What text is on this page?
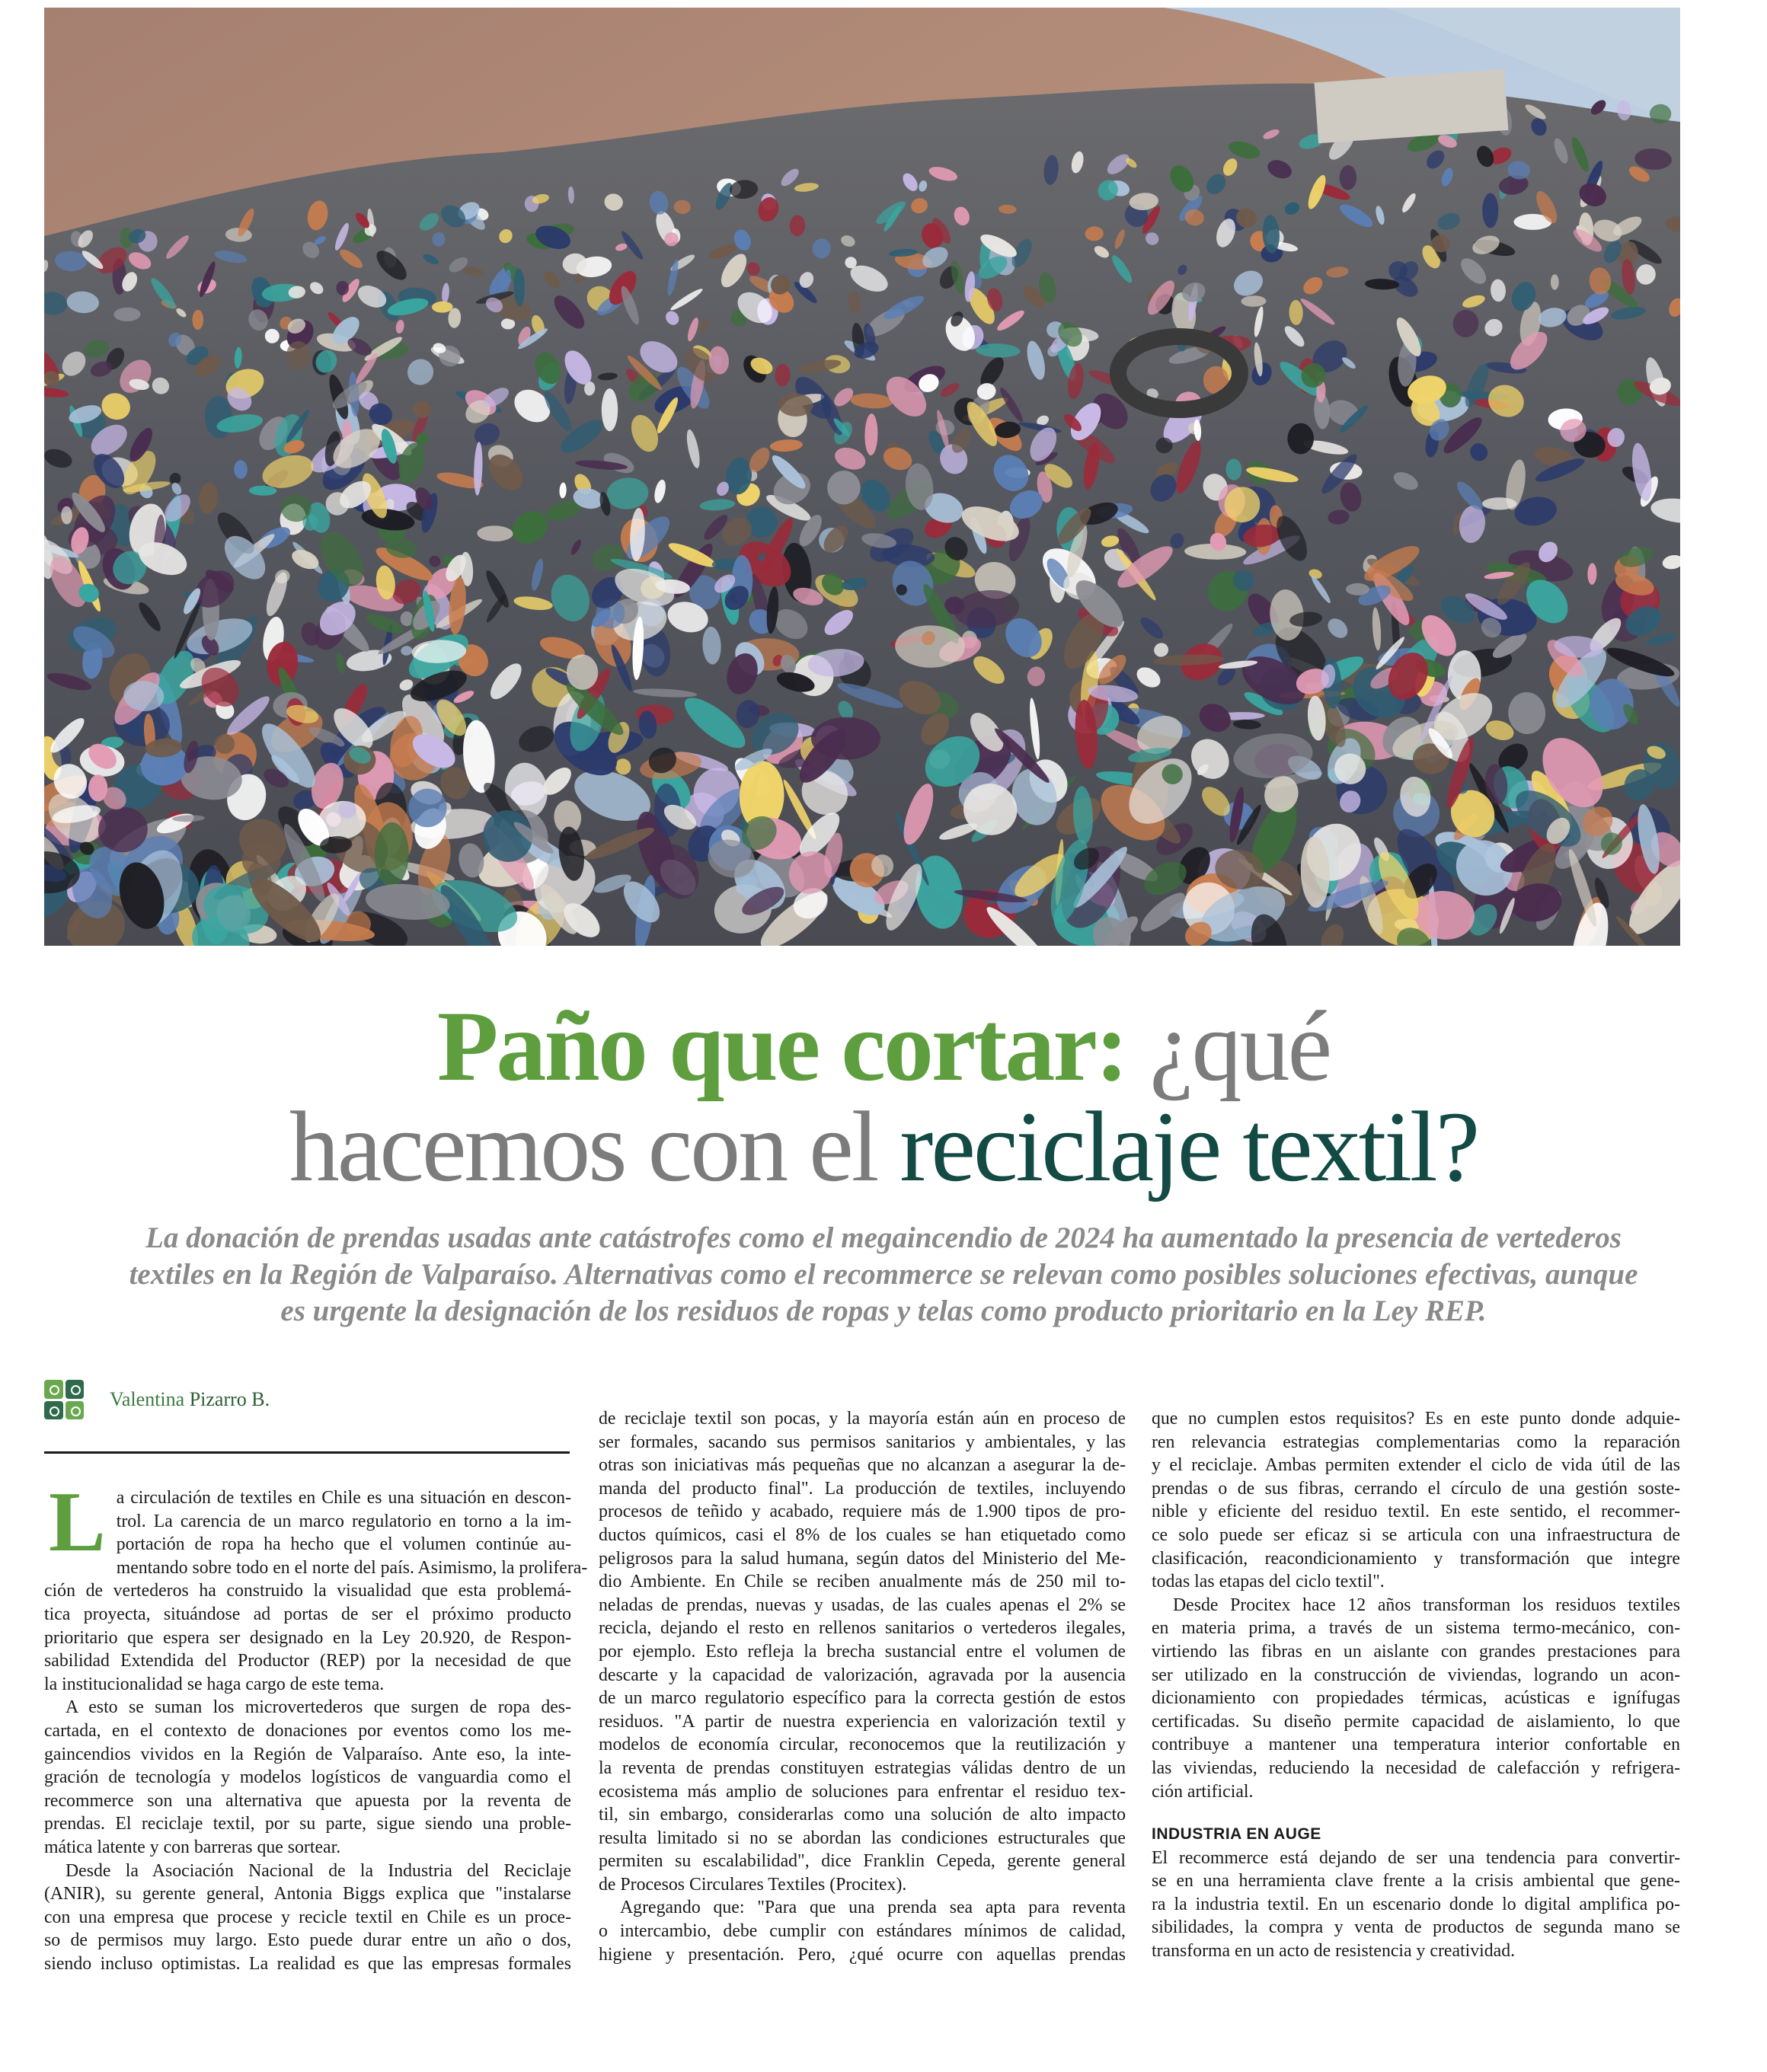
Paño que cortar: ¿qué
hacemos con el reciclaje textil?
La donación de prendas usadas ante catástrofes como el megaincendio de 2024 ha aumentado la presencia de vertederos
textiles en la Región de Valparaíso. Alternativas como el recommerce se relevan como posibles soluciones efectivas, aunque
es urgente la designación de los residuos de ropas y telas como producto prioritario en la Ley REP.
Valentina Pizarro B.
L a circulación de textiles en Chile es una situación en descon-
trol. La carencia de un marco regulatorio en torno a la im-
portación de ropa ha hecho que el volumen continúe au-
mentando sobre todo en el norte del país. Asimismo, la prolifera-
ción de vertederos ha construido la visualidad que esta problemá-
tica proyecta, situándose ad portas de ser el próximo producto
prioritario que espera ser designado en la Ley 20.920, de Respon-
sabilidad Extendida del Productor (REP) por la necesidad de que
la institucionalidad se haga cargo de este tema.
A esto se suman los microvertederos que surgen de ropa des-
cartada, en el contexto de donaciones por eventos como los me-
gaincendios vividos en la Región de Valparaíso. Ante eso, la inte-
gración de tecnología y modelos logísticos de vanguardia como el
recommerce son una alternativa que apuesta por la reventa de
prendas. El reciclaje textil, por su parte, sigue siendo una proble-
mática latente y con barreras que sortear.
Desde la Asociación Nacional de la Industria del Reciclaje
(ANIR), su gerente general, Antonia Biggs explica que "instalarse
con una empresa que procese y recicle textil en Chile es un proce-
so de permisos muy largo. Esto puede durar entre un año o dos,
siendo incluso optimistas. La realidad es que las empresas formales
de reciclaje textil son pocas, y la mayoría están aún en proceso de
ser formales, sacando sus permisos sanitarios y ambientales, y las
otras son iniciativas más pequeñas que no alcanzan a asegurar la de-
manda del producto final". La producción de textiles, incluyendo
procesos de teñido y acabado, requiere más de 1.900 tipos de pro-
ductos químicos, casi el 8% de los cuales se han etiquetado como
peligrosos para la salud humana, según datos del Ministerio del Me-
dio Ambiente. En Chile se reciben anualmente más de 250 mil to-
neladas de prendas, nuevas y usadas, de las cuales apenas el 2% se
recicla, dejando el resto en rellenos sanitarios o vertederos ilegales,
por ejemplo. Esto refleja la brecha sustancial entre el volumen de
descarte y la capacidad de valorización, agravada por la ausencia
de un marco regulatorio específico para la correcta gestión de estos
residuos. "A partir de nuestra experiencia en valorización textil y
modelos de economía circular, reconocemos que la reutilización y
la reventa de prendas constituyen estrategias válidas dentro de un
ecosistema más amplio de soluciones para enfrentar el residuo tex-
til, sin embargo, considerarlas como una solución de alto impacto
resulta limitado si no se abordan las condiciones estructurales que
permiten su escalabilidad", dice Franklin Cepeda, gerente general
de Procesos Circulares Textiles (Procitex).
Agregando que: "Para que una prenda sea apta para reventa
o intercambio, debe cumplir con estándares mínimos de calidad,
higiene y presentación. Pero, ¿qué ocurre con aquellas prendas
que no cumplen estos requisitos? Es en este punto donde adquie-
ren relevancia estrategias complementarias como la reparación
y el reciclaje. Ambas permiten extender el ciclo de vida útil de las
prendas o de sus fibras, cerrando el círculo de una gestión soste-
nible y eficiente del residuo textil. En este sentido, el recommer-
ce solo puede ser eficaz si se articula con una infraestructura de
clasificación, reacondicionamiento y transformación que integre
todas las etapas del ciclo textil".
Desde Procitex hace 12 años transforman los residuos textiles
en materia prima, a través de un sistema termo-mecánico, con-
virtiendo las fibras en un aislante con grandes prestaciones para
ser utilizado en la construcción de viviendas, logrando un acon-
dicionamiento con propiedades térmicas, acústicas e ignífugas
certificadas. Su diseño permite capacidad de aislamiento, lo que
contribuye a mantener una temperatura interior confortable en
las viviendas, reduciendo la necesidad de calefacción y refrigera-
ción artificial.

INDUSTRIA EN AUGE

El recommerce está dejando de ser una tendencia para convertir-
se en una herramienta clave frente a la crisis ambiental que gene-
ra la industria textil. En un escenario donde lo digital amplifica po-
sibilidades, la compra y venta de productos de segunda mano se
transforma en un acto de resistencia y creatividad.
